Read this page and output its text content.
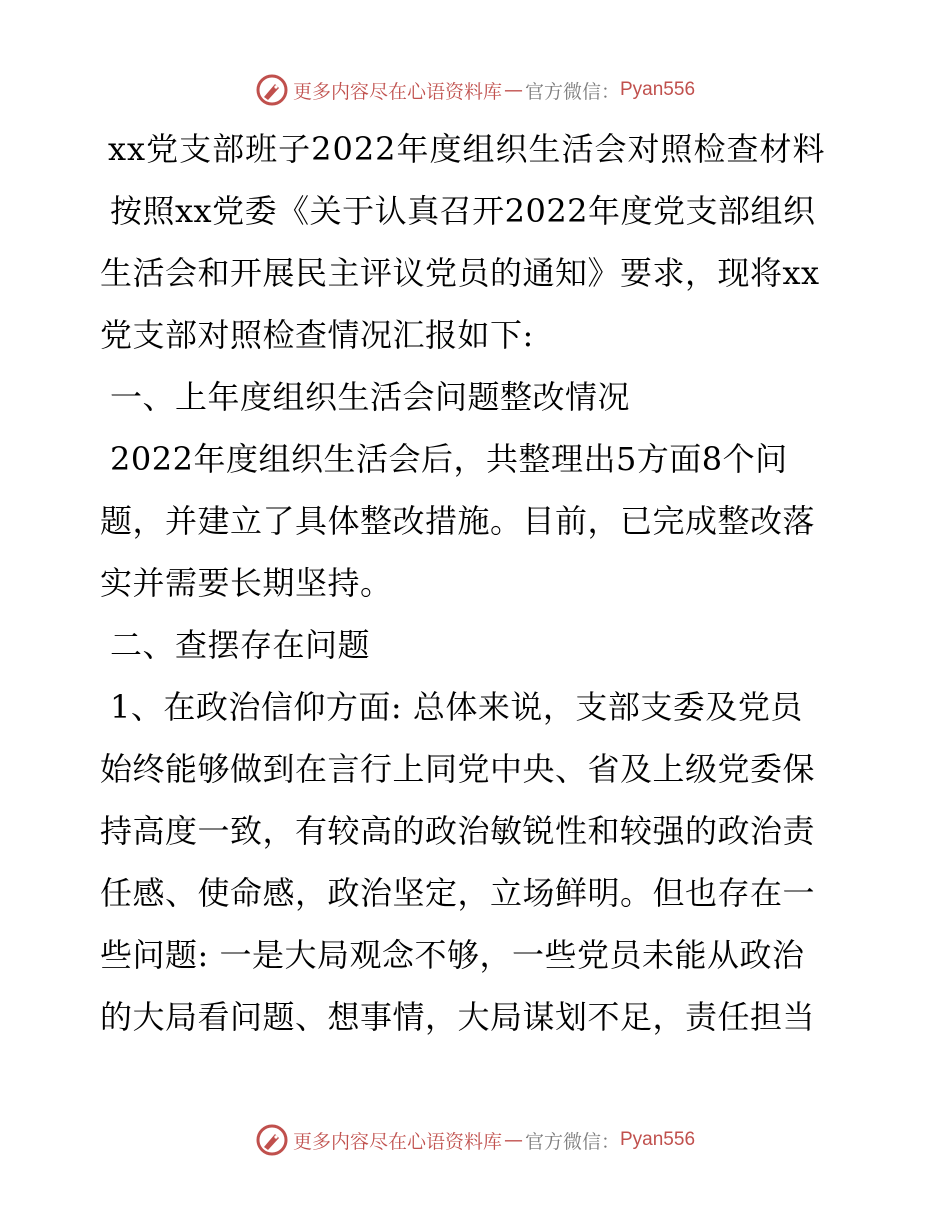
更多内容尽在心语资料库 — 官方微信： Pyan556
xx党支部班子2022年度组织生活会对照检查材料
按照xx党委《关于认真召开2022年度党支部组织
生活会和开展民主评议党员的通知》要求，现将xx
党支部对照检查情况汇报如下:
一、上年度组织生活会问题整改情况
2022年度组织生活会后，共整理出5方面8个问
题，并建立了具体整改措施。目前，已完成整改落
实并需要长期坚持。
二、查摆存在问题
1、在政治信仰方面: 总体来说，支部支委及党员
始终能够做到在言行上同党中央、省及上级党委保
持高度一致，有较高的政治敏锐性和较强的政治责
任感、使命感，政治坚定，立场鲜明。但也存在一
些问题: 一是大局观念不够，一些党员未能从政治
的大局看问题、想事情，大局谋划不足，责任担当
更多内容尽在心语资料库 — 官方微信： Pyan556
